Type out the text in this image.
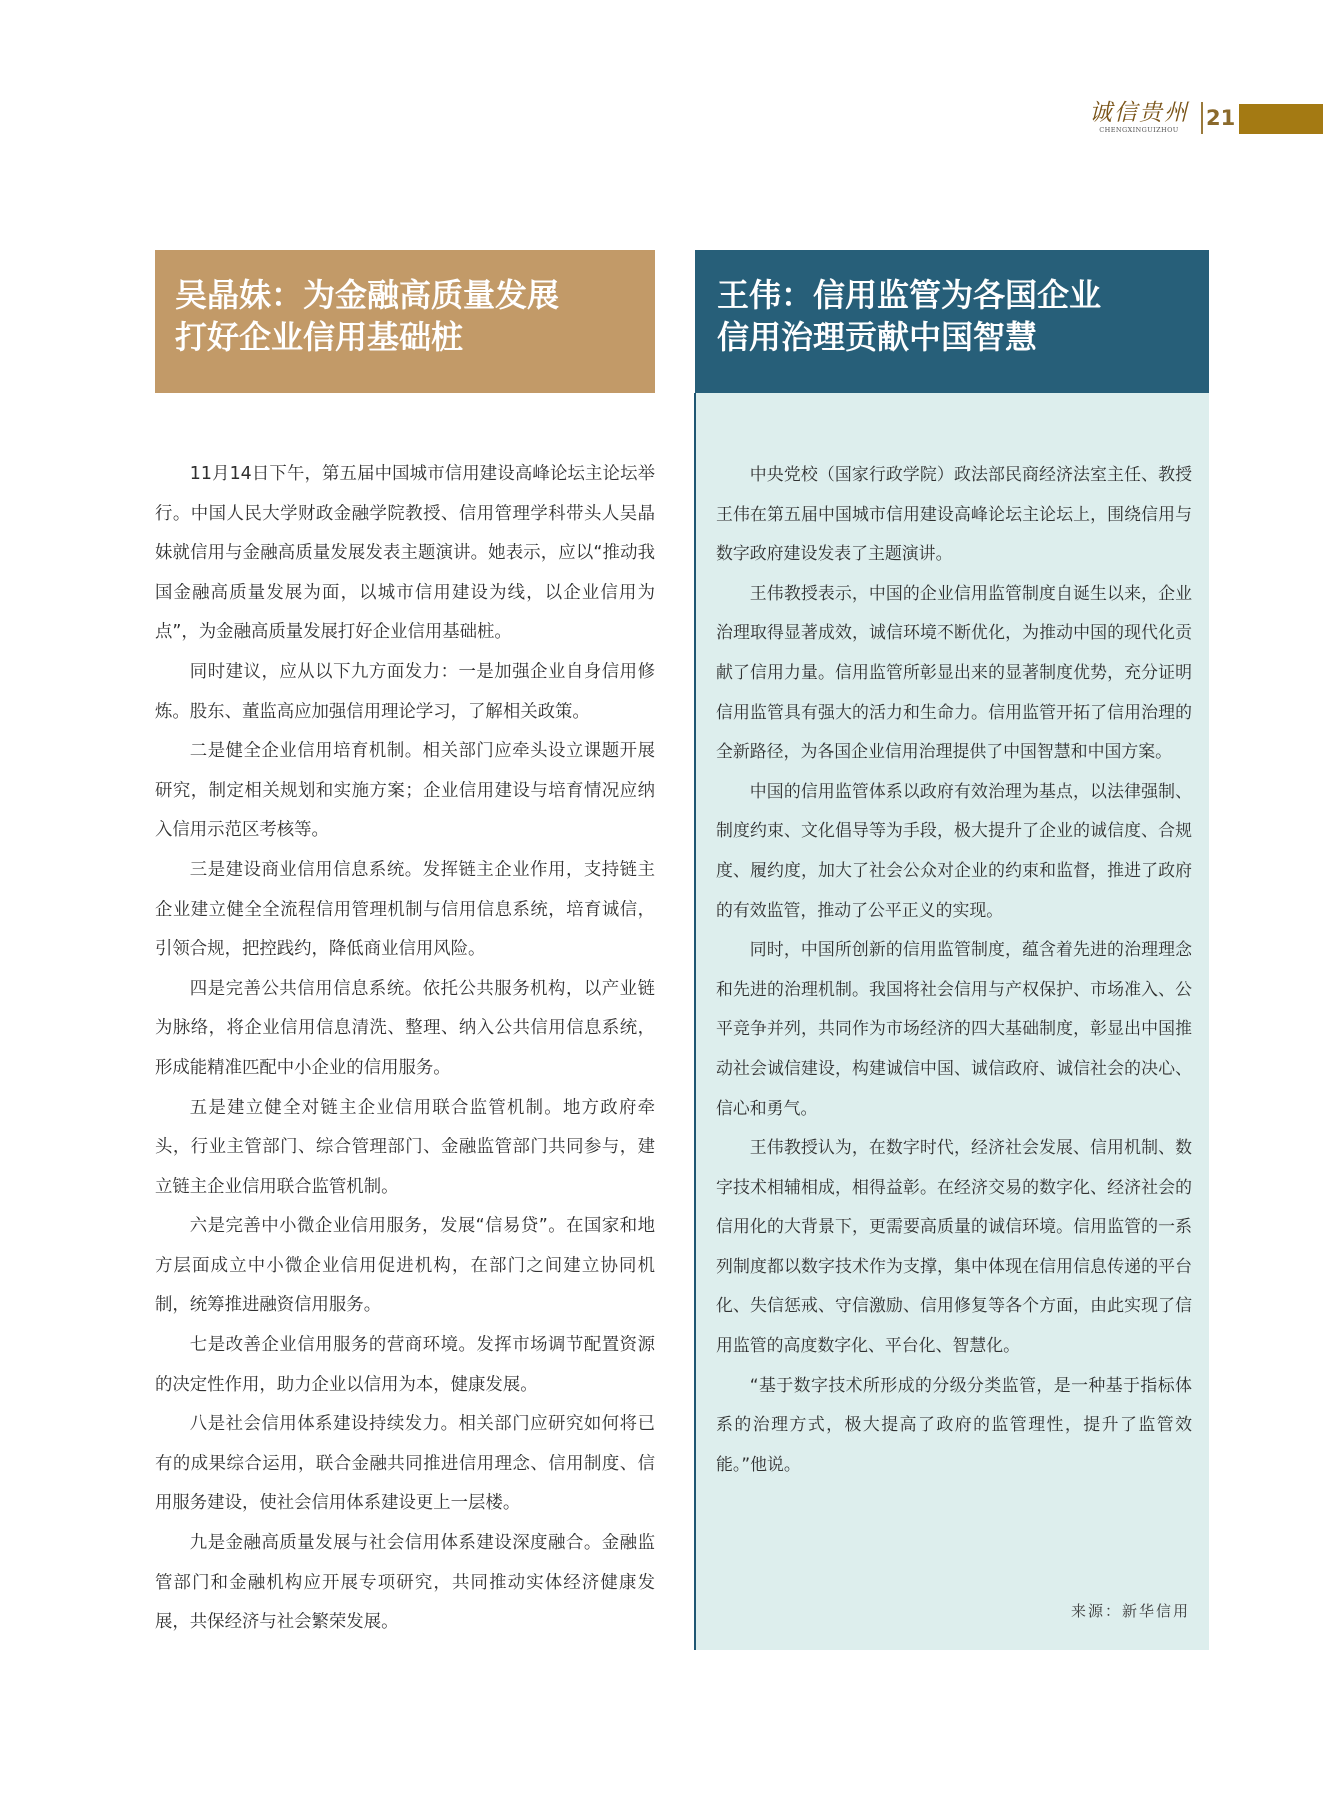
诚信贵州
CHENGXINGUIZHOU	21
吴晶妹：为金融高质量发展
打好企业信用基础桩
王伟：信用监管为各国企业
信用治理贡献中国智慧

11月14日下午，第五届中国城市信用建设高峰论坛主论坛举行。中国人民大学财政金融学院教授、信用管理学科带头人吴晶妹就信用与金融高质量发展发表主题演讲。她表示，应以“推动我国金融高质量发展为面，以城市信用建设为线，以企业信用为点”，为金融高质量发展打好企业信用基础桩。

同时建议，应从以下九方面发力：一是加强企业自身信用修炼。股东、董监高应加强信用理论学习，了解相关政策。

二是健全企业信用培育机制。相关部门应牵头设立课题开展研究，制定相关规划和实施方案；企业信用建设与培育情况应纳入信用示范区考核等。

三是建设商业信用信息系统。发挥链主企业作用，支持链主企业建立健全全流程信用管理机制与信用信息系统，培育诚信，引领合规，把控践约，降低商业信用风险。

四是完善公共信用信息系统。依托公共服务机构，以产业链为脉络，将企业信用信息清洗、整理、纳入公共信用信息系统，形成能精准匹配中小企业的信用服务。

五是建立健全对链主企业信用联合监管机制。地方政府牵头，行业主管部门、综合管理部门、金融监管部门共同参与，建立链主企业信用联合监管机制。

六是完善中小微企业信用服务，发展“信易贷”。在国家和地方层面成立中小微企业信用促进机构，在部门之间建立协同机制，统筹推进融资信用服务。

七是改善企业信用服务的营商环境。发挥市场调节配置资源的决定性作用，助力企业以信用为本，健康发展。

八是社会信用体系建设持续发力。相关部门应研究如何将已有的成果综合运用，联合金融共同推进信用理念、信用制度、信用服务建设，使社会信用体系建设更上一层楼。

九是金融高质量发展与社会信用体系建设深度融合。金融监管部门和金融机构应开展专项研究，共同推动实体经济健康发展，共保经济与社会繁荣发展。

中央党校（国家行政学院）政法部民商经济法室主任、教授王伟在第五届中国城市信用建设高峰论坛主论坛上，围绕信用与数字政府建设发表了主题演讲。

王伟教授表示，中国的企业信用监管制度自诞生以来，企业治理取得显著成效，诚信环境不断优化，为推动中国的现代化贡献了信用力量。信用监管所彰显出来的显著制度优势，充分证明信用监管具有强大的活力和生命力。信用监管开拓了信用治理的全新路径，为各国企业信用治理提供了中国智慧和中国方案。

中国的信用监管体系以政府有效治理为基点，以法律强制、制度约束、文化倡导等为手段，极大提升了企业的诚信度、合规度、履约度，加大了社会公众对企业的约束和监督，推进了政府的有效监管，推动了公平正义的实现。

同时，中国所创新的信用监管制度，蕴含着先进的治理理念和先进的治理机制。我国将社会信用与产权保护、市场准入、公平竞争并列，共同作为市场经济的四大基础制度，彰显出中国推动社会诚信建设，构建诚信中国、诚信政府、诚信社会的决心、信心和勇气。

王伟教授认为，在数字时代，经济社会发展、信用机制、数字技术相辅相成，相得益彰。在经济交易的数字化、经济社会的信用化的大背景下，更需要高质量的诚信环境。信用监管的一系列制度都以数字技术作为支撑，集中体现在信用信息传递的平台化、失信惩戒、守信激励、信用修复等各个方面，由此实现了信用监管的高度数字化、平台化、智慧化。

“基于数字技术所形成的分级分类监管，是一种基于指标体系的治理方式，极大提高了政府的监管理性，提升了监管效能。”他说。

来源：新华信用
